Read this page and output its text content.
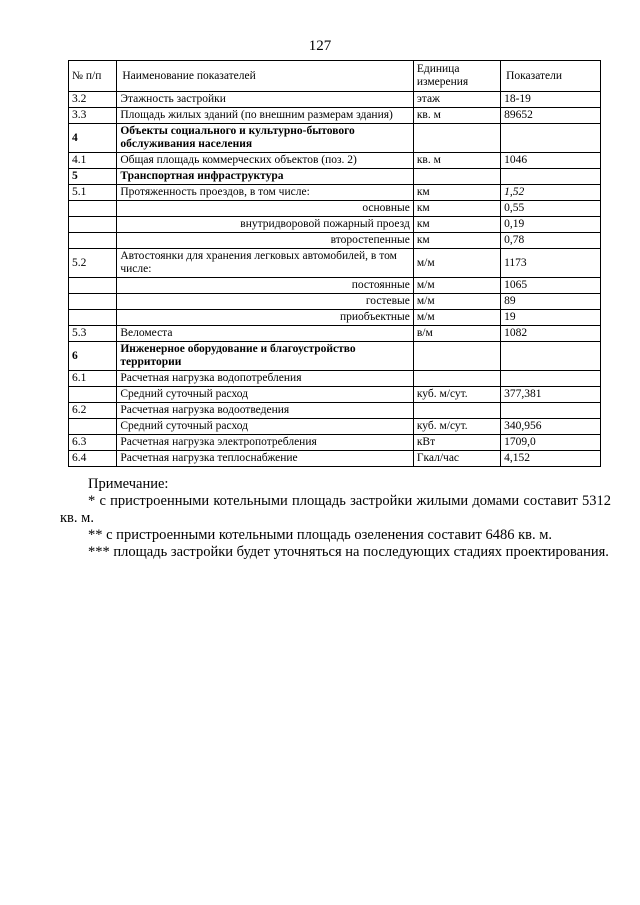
127
№ п/п	Наименование показателей	Единица измерения	Показатели
3.2	Этажность застройки	этаж	18-19
3.3	Площадь жилых зданий (по внешним размерам здания)	кв. м	89652
4	Объекты социального и культурно-бытового обслуживания населения		
4.1	Общая площадь коммерческих объектов (поз. 2)	кв. м	1046
5	Транспортная инфраструктура		
5.1	Протяженность проездов, в том числе:	км	1,52
	основные	км	0,55
	внутридворовой пожарный проезд	км	0,19
	второстепенные	км	0,78
5.2	Автостоянки для хранения легковых автомобилей, в том числе:	м/м	1173
	постоянные	м/м	1065
	гостевые	м/м	89
	приобъектные	м/м	19
5.3	Веломеста	в/м	1082
6	Инженерное оборудование и благоустройство территории		
6.1	Расчетная нагрузка водопотребления		
	Средний суточный расход	куб. м/сут.	377,381
6.2	Расчетная нагрузка водоотведения		
	Средний суточный расход	куб. м/сут.	340,956
6.3	Расчетная нагрузка электропотребления	кВт	1709,0
6.4	Расчетная нагрузка теплоснабжение	Гкал/час	4,152

Примечание:

* с пристроенными котельными площадь застройки жилыми домами составит 5312 кв. м.

** с пристроенными котельными площадь озеленения составит 6486 кв. м.

*** площадь застройки будет уточняться на последующих стадиях проектирования.
